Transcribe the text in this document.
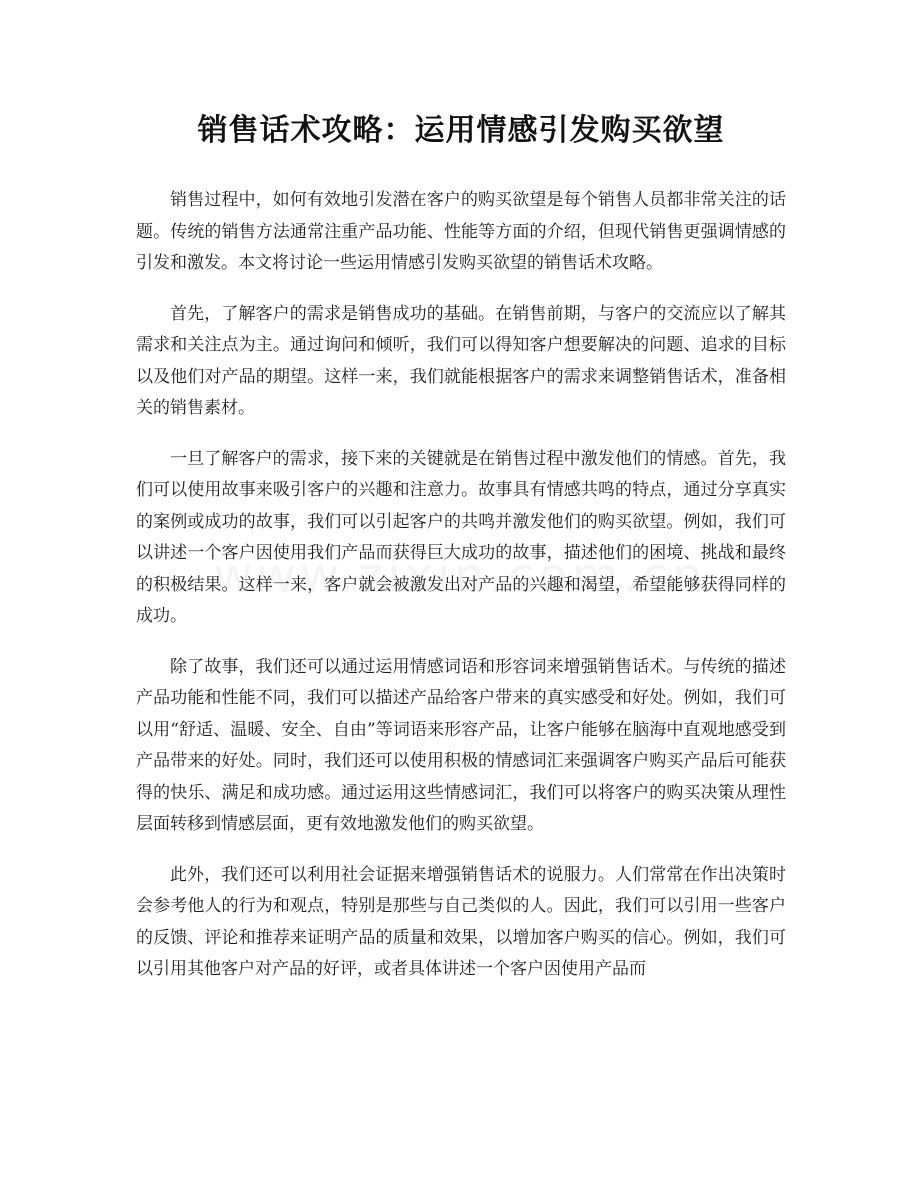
销售话术攻略：运用情感引发购买欲望

销售过程中，如何有效地引发潜在客户的购买欲望是每个销售人员都非常关注的话题。传统的销售方法通常注重产品功能、性能等方面的介绍，但现代销售更强调情感的引发和激发。本文将讨论一些运用情感引发购买欲望的销售话术攻略。

首先，了解客户的需求是销售成功的基础。在销售前期，与客户的交流应以了解其需求和关注点为主。通过询问和倾听，我们可以得知客户想要解决的问题、追求的目标以及他们对产品的期望。这样一来，我们就能根据客户的需求来调整销售话术，准备相关的销售素材。

一旦了解客户的需求，接下来的关键就是在销售过程中激发他们的情感。首先，我们可以使用故事来吸引客户的兴趣和注意力。故事具有情感共鸣的特点，通过分享真实的案例或成功的故事，我们可以引起客户的共鸣并激发他们的购买欲望。例如，我们可以讲述一个客户因使用我们产品而获得巨大成功的故事，描述他们的困境、挑战和最终的积极结果。这样一来，客户就会被激发出对产品的兴趣和渴望，希望能够获得同样的成功。

除了故事，我们还可以通过运用情感词语和形容词来增强销售话术。与传统的描述产品功能和性能不同，我们可以描述产品给客户带来的真实感受和好处。例如，我们可以用“舒适、温暖、安全、自由”等词语来形容产品，让客户能够在脑海中直观地感受到产品带来的好处。同时，我们还可以使用积极的情感词汇来强调客户购买产品后可能获得的快乐、满足和成功感。通过运用这些情感词汇，我们可以将客户的购买决策从理性层面转移到情感层面，更有效地激发他们的购买欲望。

此外，我们还可以利用社会证据来增强销售话术的说服力。人们常常在作出决策时会参考他人的行为和观点，特别是那些与自己类似的人。因此，我们可以引用一些客户的反馈、评论和推荐来证明产品的质量和效果，以增加客户购买的信心。例如，我们可以引用其他客户对产品的好评，或者具体讲述一个客户因使用产品而
